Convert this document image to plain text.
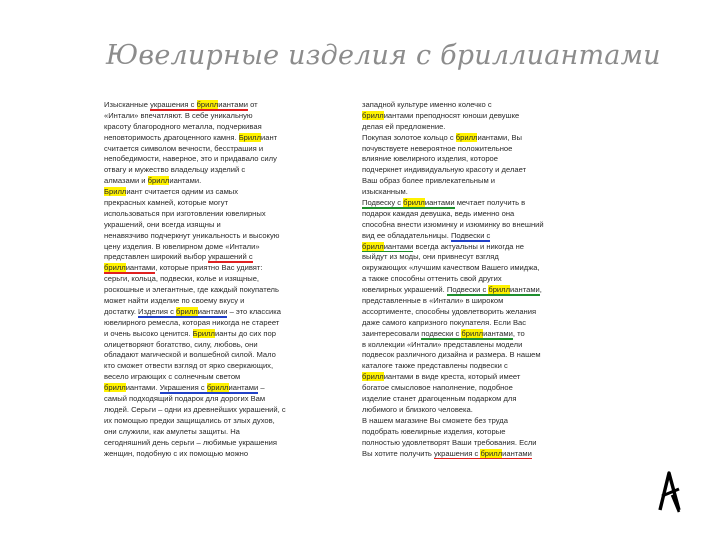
Ювелирные изделия с бриллиантами
Изысканные украшения с бриллиантами от
«Интали» впечатляют. В себе уникальную
красоту благородного металла, подчеркивая
неповторимость драгоценного камня. Бриллиант
считается символом вечности, бесстрашия и
непобедимости, наверное, это и придавало силу
отвагу и мужество владельцу изделий с
алмазами и бриллиантами.
Бриллиант считается одним из самых
прекрасных камней, которые могут
использоваться при изготовлении ювелирных
украшений, они всегда изящны и
ненавязчиво подчеркнут уникальность и высокую
цену изделия. В ювелирном доме «Интали»
представлен широкий выбор украшений с
бриллиантами, которые приятно Вас удивят:
серьги, кольца, подвески, колье и изящные,
роскошные и элегантные, где каждый покупатель
может найти изделие по своему вкусу и
достатку. Изделия с бриллиантами – это классика
ювелирного ремесла, которая никогда не стареет
и очень высоко ценится. Бриллианты до сих пор
олицетворяют богатство, силу, любовь, они
обладают магической и волшебной силой. Мало
кто сможет отвести взгляд от ярко сверкающих,
весело играющих с солнечным светом
бриллиантами. Украшения с бриллиантами –
самый подходящий подарок для дорогих Вам
людей. Серьги – одни из древнейших украшений, с
их помощью предки защищались от злых духов,
они служили, как амулеты защиты. На
сегодняшний день серьги – любимые украшения
женщин, подобную с их помощью можно
западной культуре именно колечко с
бриллиантами преподносят юноши девушке
делая ей предложение.
Покупая золотое кольцо с бриллиантами, Вы
почувствуете невероятное положительное
влияние ювелирного изделия, которое
подчеркнет индивидуальную красоту и делает
Ваш образ более привлекательным и
изысканным.
Подвеску с бриллиантами мечтает получить в
подарок каждая девушка, ведь именно она
способна внести изюминку и изюминку во внешний
вид ее обладательницы. Подвески с
бриллиантами всегда актуальны и никогда не
выйдут из моды, они привнесут взгляд
окружающих «лучшим качеством Вашего имиджа,
а также способны оттенить свой других
ювелирных украшений. Подвески с бриллиантами,
представленные в «Интали» в широком
ассортименте, способны удовлетворить желания
даже самого капризного покупателя. Если Вас
заинтересовали подвески с бриллиантами, то
в коллекции «Интали» представлены модели
подвесок различного дизайна и размера. В нашем
каталоге также представлены подвески с
бриллиантами в виде креста, который имеет
богатое смысловое наполнение, подобное
изделие станет драгоценным подарком для
любимого и близкого человека.
В нашем магазине Вы сможете без труда
подобрать ювелирные изделия, которые
полностью удовлетворят Ваши требования. Если
Вы хотите получить украшения с бриллиантами
